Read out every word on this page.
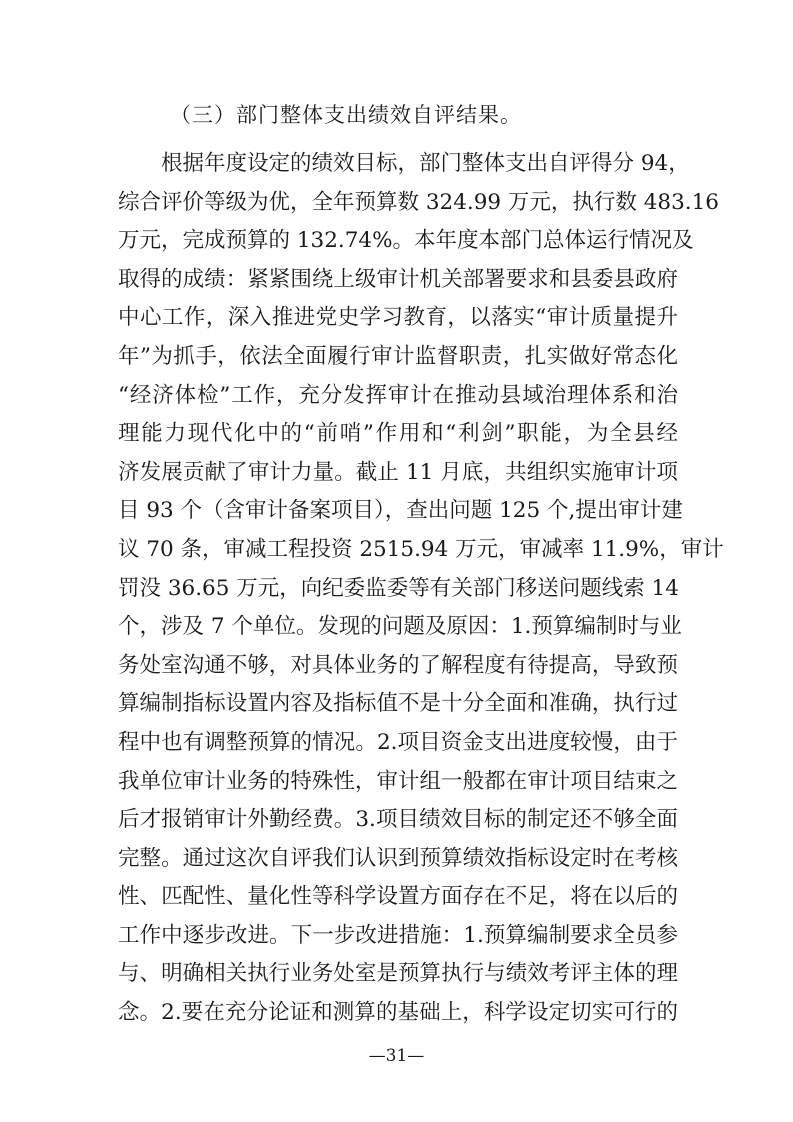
（三）部门整体支出绩效自评结果。
根据年度设定的绩效目标，部门整体支出自评得分 94，
综合评价等级为优，全年预算数 324.99 万元，执行数 483.16
万元，完成预算的 132.74%。本年度本部门总体运行情况及
取得的成绩：紧紧围绕上级审计机关部署要求和县委县政府
中心工作，深入推进党史学习教育，以落实“审计质量提升
年”为抓手，依法全面履行审计监督职责，扎实做好常态化
“经济体检”工作，充分发挥审计在推动县域治理体系和治
理能力现代化中的“前哨”作用和“利剑”职能，为全县经
济发展贡献了审计力量。截止 11 月底，共组织实施审计项
目 93 个（含审计备案项目），查出问题 125 个,提出审计建
议 70 条，审减工程投资 2515.94 万元，审减率 11.9%，审计
罚没 36.65 万元，向纪委监委等有关部门移送问题线索 14
个，涉及 7 个单位。发现的问题及原因：1.预算编制时与业
务处室沟通不够，对具体业务的了解程度有待提高，导致预
算编制指标设置内容及指标值不是十分全面和准确，执行过
程中也有调整预算的情况。2.项目资金支出进度较慢，由于
我单位审计业务的特殊性，审计组一般都在审计项目结束之
后才报销审计外勤经费。3.项目绩效目标的制定还不够全面
完整。通过这次自评我们认识到预算绩效指标设定时在考核
性、匹配性、量化性等科学设置方面存在不足，将在以后的
工作中逐步改进。下一步改进措施：1.预算编制要求全员参
与、明确相关执行业务处室是预算执行与绩效考评主体的理
念。2.要在充分论证和测算的基础上，科学设定切实可行的
—31—
